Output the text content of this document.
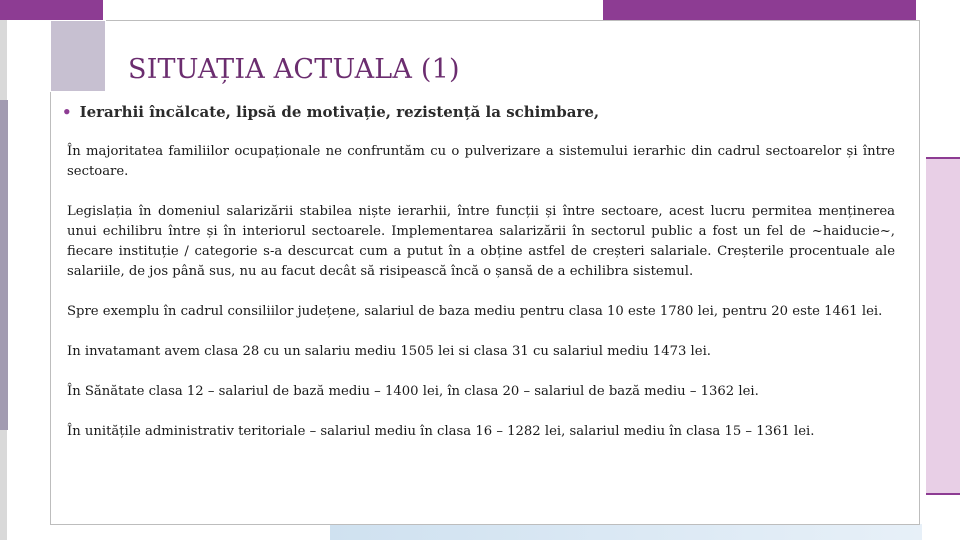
SITUAȚIA ACTUALA (1)
• Ierarhii încălcate, lipsă de motivație, rezistență la schimbare,

În majoritatea familiilor ocupaționale ne confruntăm cu o pulverizare a sistemului ierarhic din cadrul sectoarelor și între sectoare.

Legislația în domeniul salarizării stabilea niște ierarhii, între funcții și între sectoare, acest lucru permitea menținerea unui echilibru între și în interiorul sectoarele. Implementarea salarizării în sectorul public a fost un fel de ~haiducie~, fiecare instituție / categorie s-a descurcat cum a putut în a obține astfel de creșteri salariale. Creșterile procentuale ale salariile, de jos până sus, nu au facut decât să risipească încă o șansă de a echilibra sistemul.

Spre exemplu în cadrul consiliilor județene, salariul de baza mediu pentru clasa 10 este 1780 lei, pentru 20 este 1461 lei.

In invatamant avem clasa 28 cu un salariu mediu 1505 lei si clasa 31 cu salariul mediu 1473 lei.

În Sănătate clasa 12 – salariul de bază mediu – 1400 lei, în clasa 20 – salariul de bază mediu – 1362 lei.

În unitățile administrativ teritoriale – salariul mediu în clasa 16 – 1282 lei, salariul mediu în clasa 15 – 1361 lei.
